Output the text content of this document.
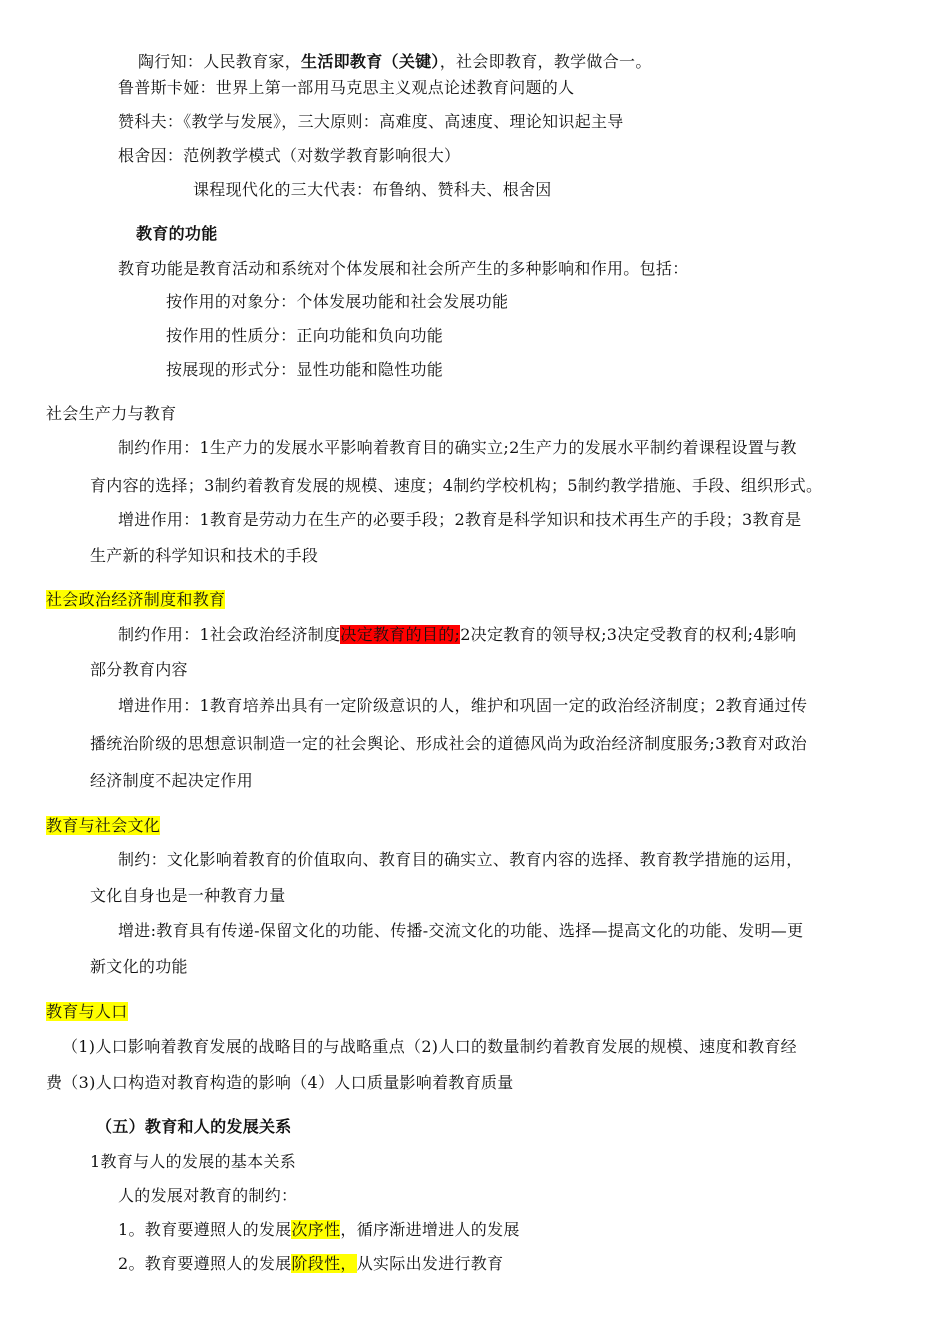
陶行知：人民教育家，生活即教育（关键），社会即教育，教学做合一。
鲁普斯卡娅：世界上第一部用马克思主义观点论述教育问题的人
赞科夫：《教学与发展》，三大原则：高难度、高速度、理论知识起主导
根舍因：范例教学模式（对数学教育影响很大）
课程现代化的三大代表：布鲁纳、赞科夫、根舍因
教育的功能
教育功能是教育活动和系统对个体发展和社会所产生的多种影响和作用。包括：
按作用的对象分：个体发展功能和社会发展功能
按作用的性质分：正向功能和负向功能
按展现的形式分：显性功能和隐性功能
社会生产力与教育
制约作用：1生产力的发展水平影响着教育目的确实立;2生产力的发展水平制约着课程设置与教
育内容的选择；3制约着教育发展的规模、速度；4制约学校机构；5制约教学措施、手段、组织形式。
增进作用：1教育是劳动力在生产的必要手段；2教育是科学知识和技术再生产的手段；3教育是
生产新的科学知识和技术的手段
社会政治经济制度和教育
制约作用：1社会政治经济制度决定教育的目的;2决定教育的领导权;3决定受教育的权利;4影响
部分教育内容
增进作用：1教育培养出具有一定阶级意识的人，维护和巩固一定的政治经济制度；2教育通过传
播统治阶级的思想意识制造一定的社会舆论、形成社会的道德风尚为政治经济制度服务;3教育对政治
经济制度不起决定作用
教育与社会文化
制约：文化影响着教育的价值取向、教育目的确实立、教育内容的选择、教育教学措施的运用，
文化自身也是一种教育力量
增进:教育具有传递-保留文化的功能、传播-交流文化的功能、选择—提高文化的功能、发明—更
新文化的功能
教育与人口
（1)人口影响着教育发展的战略目的与战略重点（2)人口的数量制约着教育发展的规模、速度和教育经
费（3)人口构造对教育构造的影响（4）人口质量影响着教育质量
（五）教育和人的发展关系
1教育与人的发展的基本关系
人的发展对教育的制约：
1。教育要遵照人的发展次序性，循序渐进增进人的发展
2。教育要遵照人的发展阶段性，从实际出发进行教育
